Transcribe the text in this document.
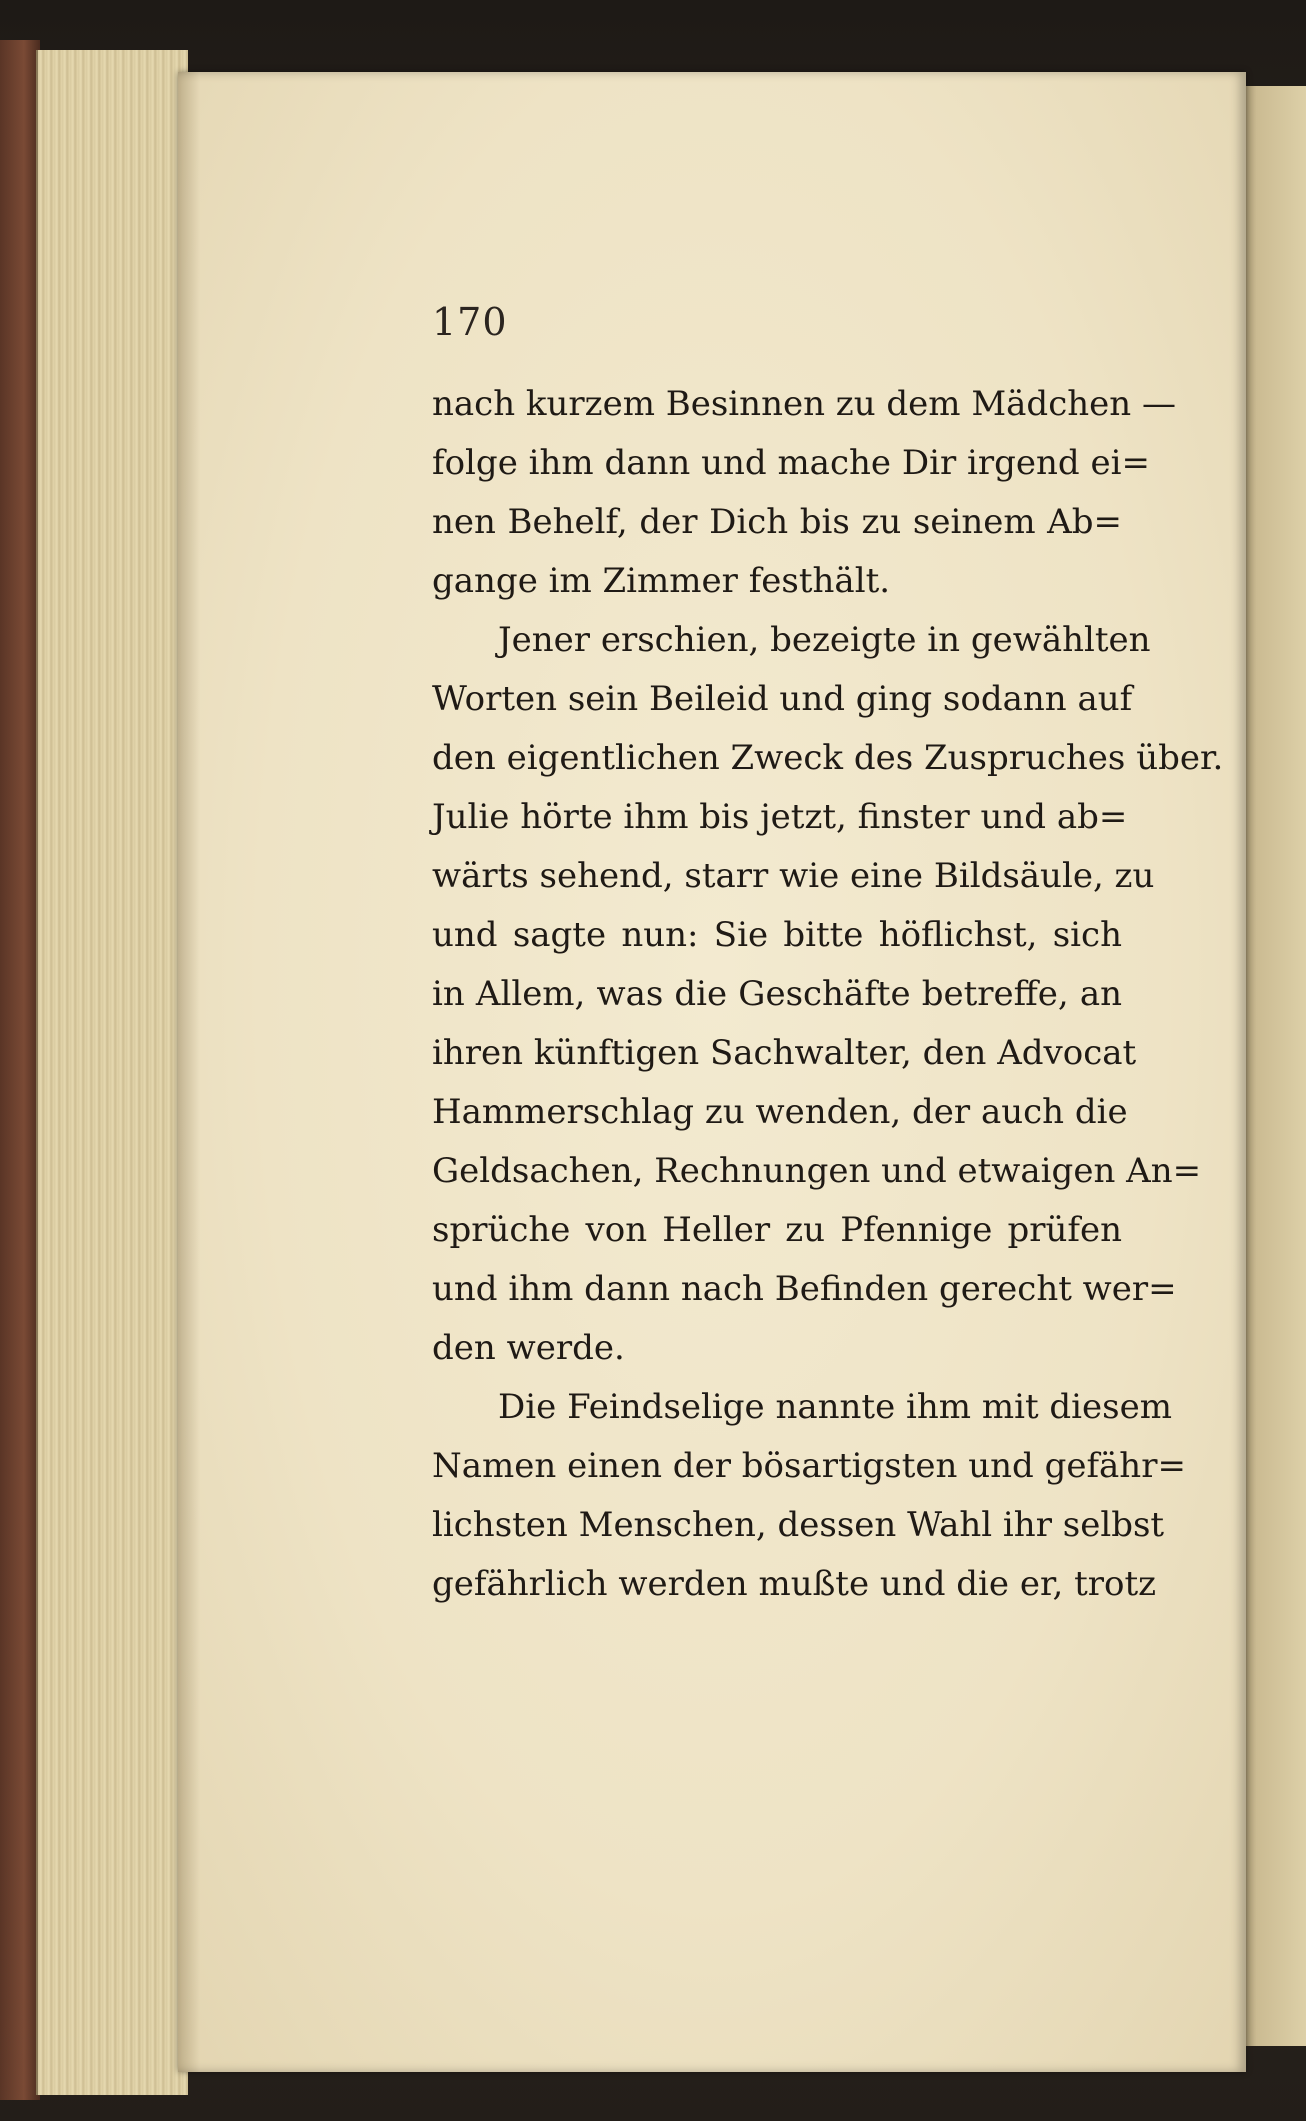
170
nach kurzem Besinnen zu dem Mädchen —
folge ihm dann und mache Dir irgend ei=
nen Behelf, der Dich bis zu seinem Ab=
gange im Zimmer festhält.
Jener erschien, bezeigte in gewählten
Worten sein Beileid und ging sodann auf
den eigentlichen Zweck des Zuspruches über.
Julie hörte ihm bis jetzt, finster und ab=
wärts sehend, starr wie eine Bildsäule, zu
und sagte nun: Sie bitte höflichst, sich
in Allem, was die Geschäfte betreffe, an
ihren künftigen Sachwalter, den Advocat
Hammerschlag zu wenden, der auch die
Geldsachen, Rechnungen und etwaigen An=
sprüche von Heller zu Pfennige prüfen
und ihm dann nach Befinden gerecht wer=
den werde.
Die Feindselige nannte ihm mit diesem
Namen einen der bösartigsten und gefähr=
lichsten Menschen, dessen Wahl ihr selbst
gefährlich werden mußte und die er, trotz
